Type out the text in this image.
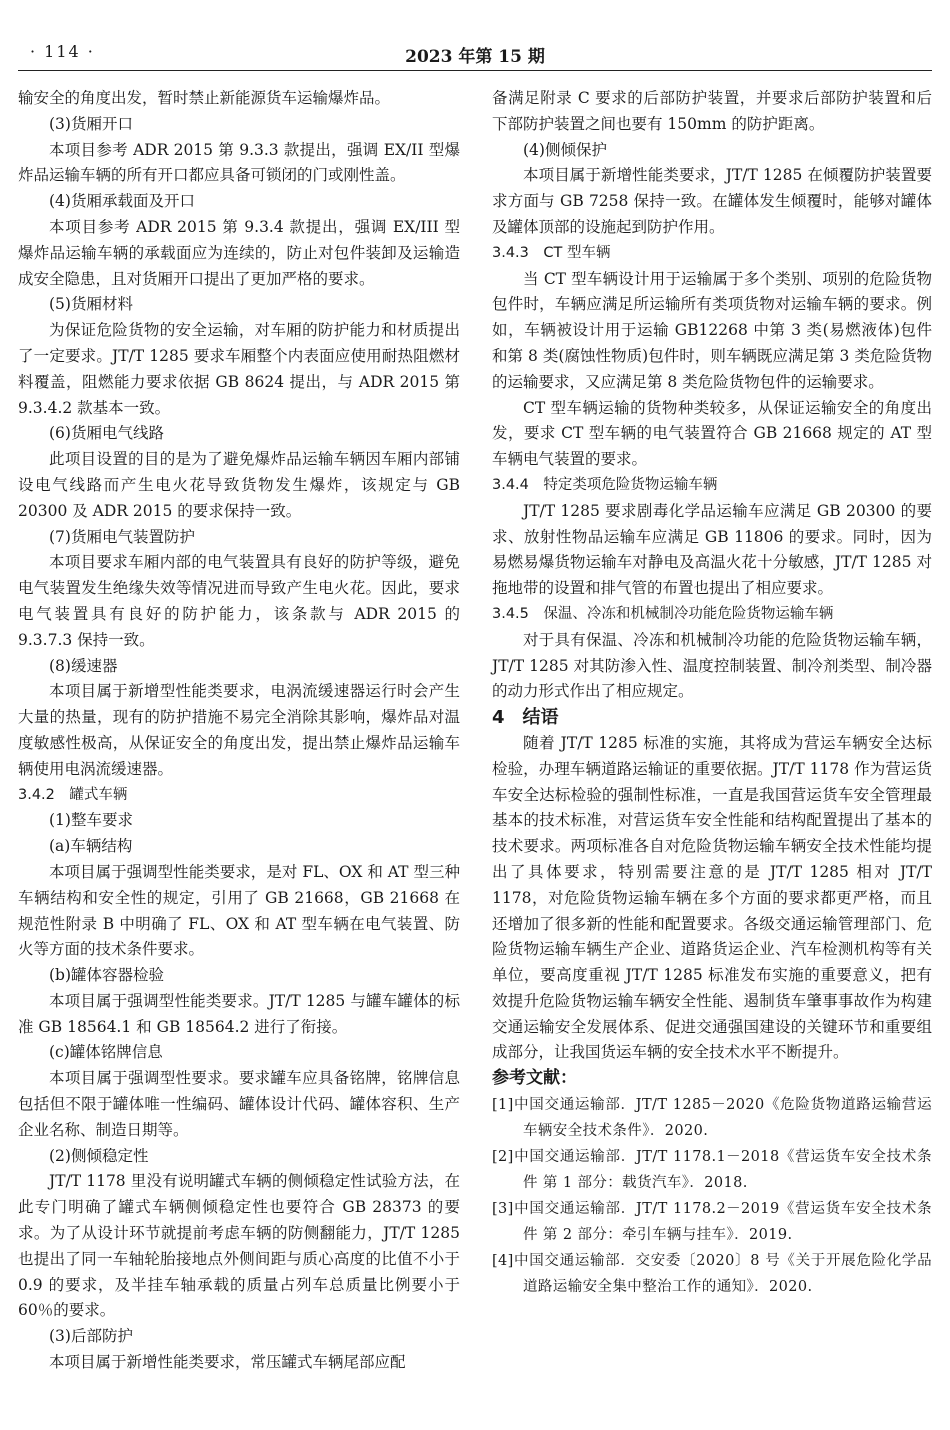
· 114 ·	2023 年第 15 期

输安全的角度出发，暂时禁止新能源货车运输爆炸品。

(3)货厢开口

本项目参考 ADR 2015 第 9.3.3 款提出，强调 EX/II 型爆炸品运输车辆的所有开口都应具备可锁闭的门或刚性盖。

(4)货厢承载面及开口

本项目参考 ADR 2015 第 9.3.4 款提出，强调 EX/III 型爆炸品运输车辆的承载面应为连续的，防止对包件装卸及运输造成安全隐患，且对货厢开口提出了更加严格的要求。

(5)货厢材料

为保证危险货物的安全运输，对车厢的防护能力和材质提出了一定要求。JT/T 1285 要求车厢整个内表面应使用耐热阻燃材料覆盖，阻燃能力要求依据 GB 8624 提出，与 ADR 2015 第 9.3.4.2 款基本一致。

(6)货厢电气线路

此项目设置的目的是为了避免爆炸品运输车辆因车厢内部铺设电气线路而产生电火花导致货物发生爆炸，该规定与 GB 20300 及 ADR 2015 的要求保持一致。

(7)货厢电气装置防护

本项目要求车厢内部的电气装置具有良好的防护等级，避免电气装置发生绝缘失效等情况进而导致产生电火花。因此，要求电气装置具有良好的防护能力，该条款与 ADR 2015 的 9.3.7.3 保持一致。

(8)缓速器

本项目属于新增型性能类要求，电涡流缓速器运行时会产生大量的热量，现有的防护措施不易完全消除其影响，爆炸品对温度敏感性极高，从保证安全的角度出发，提出禁止爆炸品运输车辆使用电涡流缓速器。

3.4.2　罐式车辆

(1)整车要求

(a)车辆结构

本项目属于强调型性能类要求，是对 FL、OX 和 AT 型三种车辆结构和安全性的规定，引用了 GB 21668，GB 21668 在规范性附录 B 中明确了 FL、OX 和 AT 型车辆在电气装置、防火等方面的技术条件要求。

(b)罐体容器检验

本项目属于强调型性能类要求。JT/T 1285 与罐车罐体的标准 GB 18564.1 和 GB 18564.2 进行了衔接。

(c)罐体铭牌信息

本项目属于强调型性要求。要求罐车应具备铭牌，铭牌信息包括但不限于罐体唯一性编码、罐体设计代码、罐体容积、生产企业名称、制造日期等。

(2)侧倾稳定性

JT/T 1178 里没有说明罐式车辆的侧倾稳定性试验方法，在此专门明确了罐式车辆侧倾稳定性也要符合 GB 28373 的要求。为了从设计环节就提前考虑车辆的防侧翻能力，JT/T 1285 也提出了同一车轴轮胎接地点外侧间距与质心高度的比值不小于 0.9 的要求，及半挂车轴承载的质量占列车总质量比例要小于 60％的要求。

(3)后部防护

本项目属于新增性能类要求，常压罐式车辆尾部应配

备满足附录 C 要求的后部防护装置，并要求后部防护装置和后下部防护装置之间也要有 150mm 的防护距离。

(4)侧倾保护

本项目属于新增性能类要求，JT/T 1285 在倾覆防护装置要求方面与 GB 7258 保持一致。在罐体发生倾覆时，能够对罐体及罐体顶部的设施起到防护作用。

3.4.3　CT 型车辆

当 CT 型车辆设计用于运输属于多个类别、项别的危险货物包件时，车辆应满足所运输所有类项货物对运输车辆的要求。例如，车辆被设计用于运输 GB12268 中第 3 类(易燃液体)包件和第 8 类(腐蚀性物质)包件时，则车辆既应满足第 3 类危险货物的运输要求，又应满足第 8 类危险货物包件的运输要求。

CT 型车辆运输的货物种类较多，从保证运输安全的角度出发，要求 CT 型车辆的电气装置符合 GB 21668 规定的 AT 型车辆电气装置的要求。

3.4.4　特定类项危险货物运输车辆

JT/T 1285 要求剧毒化学品运输车应满足 GB 20300 的要求、放射性物品运输车应满足 GB 11806 的要求。同时，因为易燃易爆货物运输车对静电及高温火花十分敏感，JT/T 1285 对拖地带的设置和排气管的布置也提出了相应要求。

3.4.5　保温、冷冻和机械制冷功能危险货物运输车辆

对于具有保温、冷冻和机械制冷功能的危险货物运输车辆，JT/T 1285 对其防渗入性、温度控制装置、制冷剂类型、制冷器的动力形式作出了相应规定。

4　结语

随着 JT/T 1285 标准的实施，其将成为营运车辆安全达标检验，办理车辆道路运输证的重要依据。JT/T 1178 作为营运货车安全达标检验的强制性标准，一直是我国营运货车安全管理最基本的技术标准，对营运货车安全性能和结构配置提出了基本的技术要求。两项标准各自对危险货物运输车辆安全技术性能均提出了具体要求，特别需要注意的是 JT/T 1285 相对 JT/T 1178，对危险货物运输车辆在多个方面的要求都更严格，而且还增加了很多新的性能和配置要求。各级交通运输管理部门、危险货物运输车辆生产企业、道路货运企业、汽车检测机构等有关单位，要高度重视 JT/T 1285 标准发布实施的重要意义，把有效提升危险货物运输车辆安全性能、遏制货车肇事事故作为构建交通运输安全发展体系、促进交通强国建设的关键环节和重要组成部分，让我国货运车辆的安全技术水平不断提升。

参考文献：

[1]中国交通运输部．JT/T 1285－2020《危险货物道路运输营运车辆安全技术条件》．2020.

[2]中国交通运输部．JT/T 1178.1－2018《营运货车安全技术条件 第 1 部分：载货汽车》．2018.

[3]中国交通运输部．JT/T 1178.2－2019《营运货车安全技术条件 第 2 部分：牵引车辆与挂车》．2019.

[4]中国交通运输部．交安委〔2020〕8 号《关于开展危险化学品道路运输安全集中整治工作的通知》．2020.
